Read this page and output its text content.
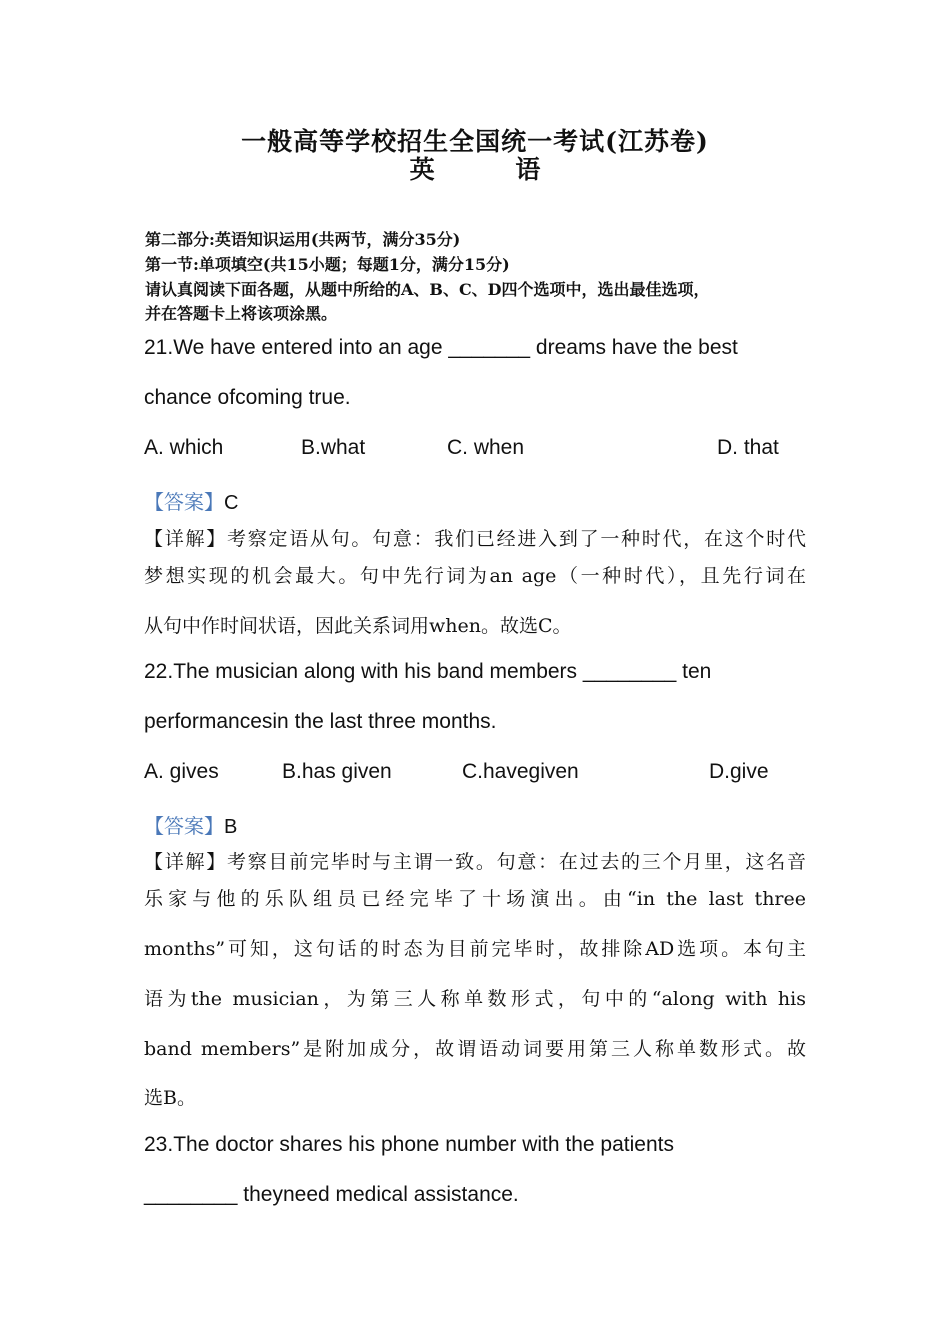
一般高等学校招生全国统一考试(江苏卷)
英 语
第二部分:英语知识运用(共两节，满分35分)
第一节:单项填空(共15小题；每题1分，满分15分)
请认真阅读下面各题，从题中所给的A、B、C、D四个选项中，选出最佳选项，
并在答题卡上将该项涂黑。
21.We have entered into an age _______ dreams have the best
chance ofcoming true.
A. which	B.what	C. when	D. that
【答案】C
【详解】考察定语从句。句意：我们已经进入到了一种时代，在这个时代
梦想实现的机会最大。句中先行词为an age（一种时代），且先行词在
从句中作时间状语，因此关系词用when。故选C。
22.The musician along with his band members ________ ten
performancesin the last three months.
A. gives	B.has given	C.havegiven	D.give
【答案】B
【详解】考察目前完毕时与主谓一致。句意：在过去的三个月里，这名音
乐家与他的乐队组员已经完毕了十场演出。由“in the last three
months”可知，这句话的时态为目前完毕时，故排除AD选项。本句主
语为the musician，为第三人称单数形式，句中的“along with his
band members”是附加成分，故谓语动词要用第三人称单数形式。故
选B。
23.The doctor shares his phone number with the patients
________ theyneed medical assistance.
